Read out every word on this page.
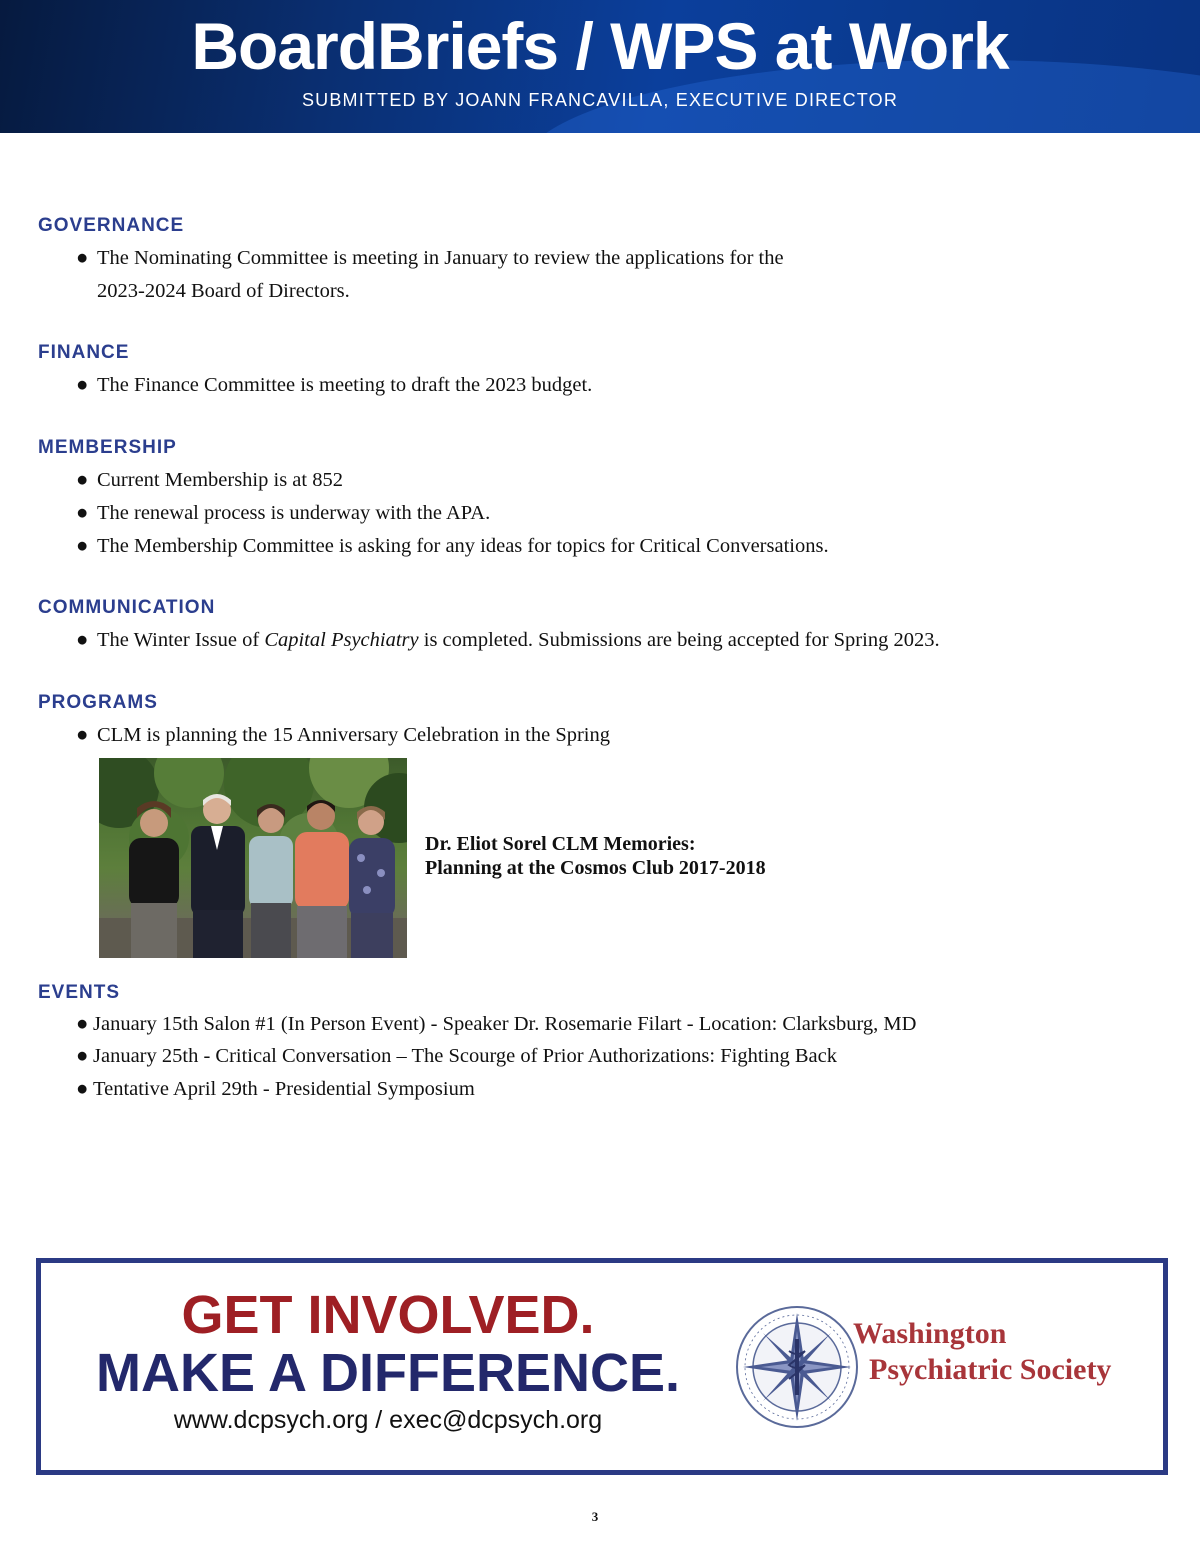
BoardBriefs / WPS at Work
SUBMITTED BY JOANN FRANCAVILLA, EXECUTIVE DIRECTOR
GOVERNANCE
● The Nominating Committee is meeting in January to review the applications for the
2023-2024 Board of Directors.
FINANCE
● The Finance Committee is meeting to draft the 2023 budget.
MEMBERSHIP
● Current Membership is at 852
● The renewal process is underway with the APA.
● The Membership Committee is asking for any ideas for topics for Critical Conversations.
COMMUNICATION
● The Winter Issue of Capital Psychiatry is completed. Submissions are being accepted for Spring 2023.
PROGRAMS
● CLM is planning the 15 Anniversary Celebration in the Spring
Dr. Eliot Sorel CLM Memories:
Planning at the Cosmos Club 2017-2018
EVENTS
● January 15th Salon #1 (In Person Event) - Speaker Dr. Rosemarie Filart - Location: Clarksburg, MD
● January 25th - Critical Conversation – The Scourge of Prior Authorizations: Fighting Back
● Tentative April 29th - Presidential Symposium
GET INVOLVED.
MAKE A DIFFERENCE.
www.dcpsych.org / exec@dcpsych.org
Washington
Psychiatric Society
3
